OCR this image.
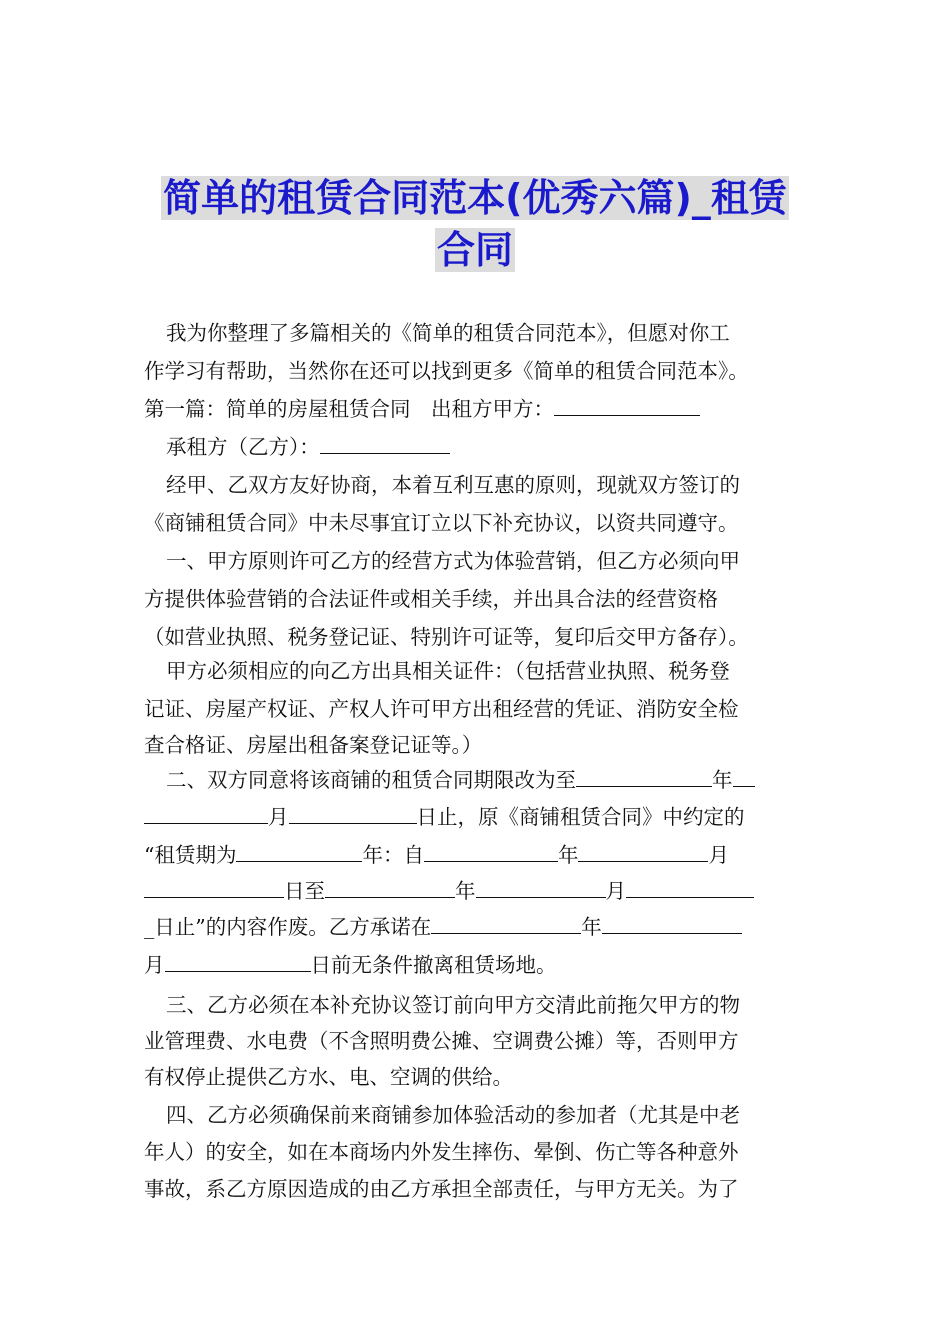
简单的租赁合同范本(优秀六篇)_租赁
合同
我为你整理了多篇相关的《简单的租赁合同范本》，但愿对你工
作学习有帮助，当然你在还可以找到更多《简单的租赁合同范本》。
第一篇：简单的房屋租赁合同　出租方甲方：
承租方（乙方）：
经甲、乙双方友好协商，本着互利互惠的原则，现就双方签订的
《商铺租赁合同》中未尽事宜订立以下补充协议，以资共同遵守。
一、甲方原则许可乙方的经营方式为体验营销，但乙方必须向甲
方提供体验营销的合法证件或相关手续，并出具合法的经营资格
（如营业执照、税务登记证、特别许可证等，复印后交甲方备存）。
甲方必须相应的向乙方出具相关证件：（包括营业执照、税务登
记证、房屋产权证、产权人许可甲方出租经营的凭证、消防安全检
查合格证、房屋出租备案登记证等。）
二、双方同意将该商铺的租赁合同期限改为至	年
月	日止，原《商铺租赁合同》中约定的
“租赁期为	年：自	年	月
日至	年	月
_日止”的内容作废。乙方承诺在	年
月	日前无条件撤离租赁场地。
三、乙方必须在本补充协议签订前向甲方交清此前拖欠甲方的物
业管理费、水电费（不含照明费公摊、空调费公摊）等，否则甲方
有权停止提供乙方水、电、空调的供给。
四、乙方必须确保前来商铺参加体验活动的参加者（尤其是中老
年人）的安全，如在本商场内外发生摔伤、晕倒、伤亡等各种意外
事故，系乙方原因造成的由乙方承担全部责任，与甲方无关。为了
